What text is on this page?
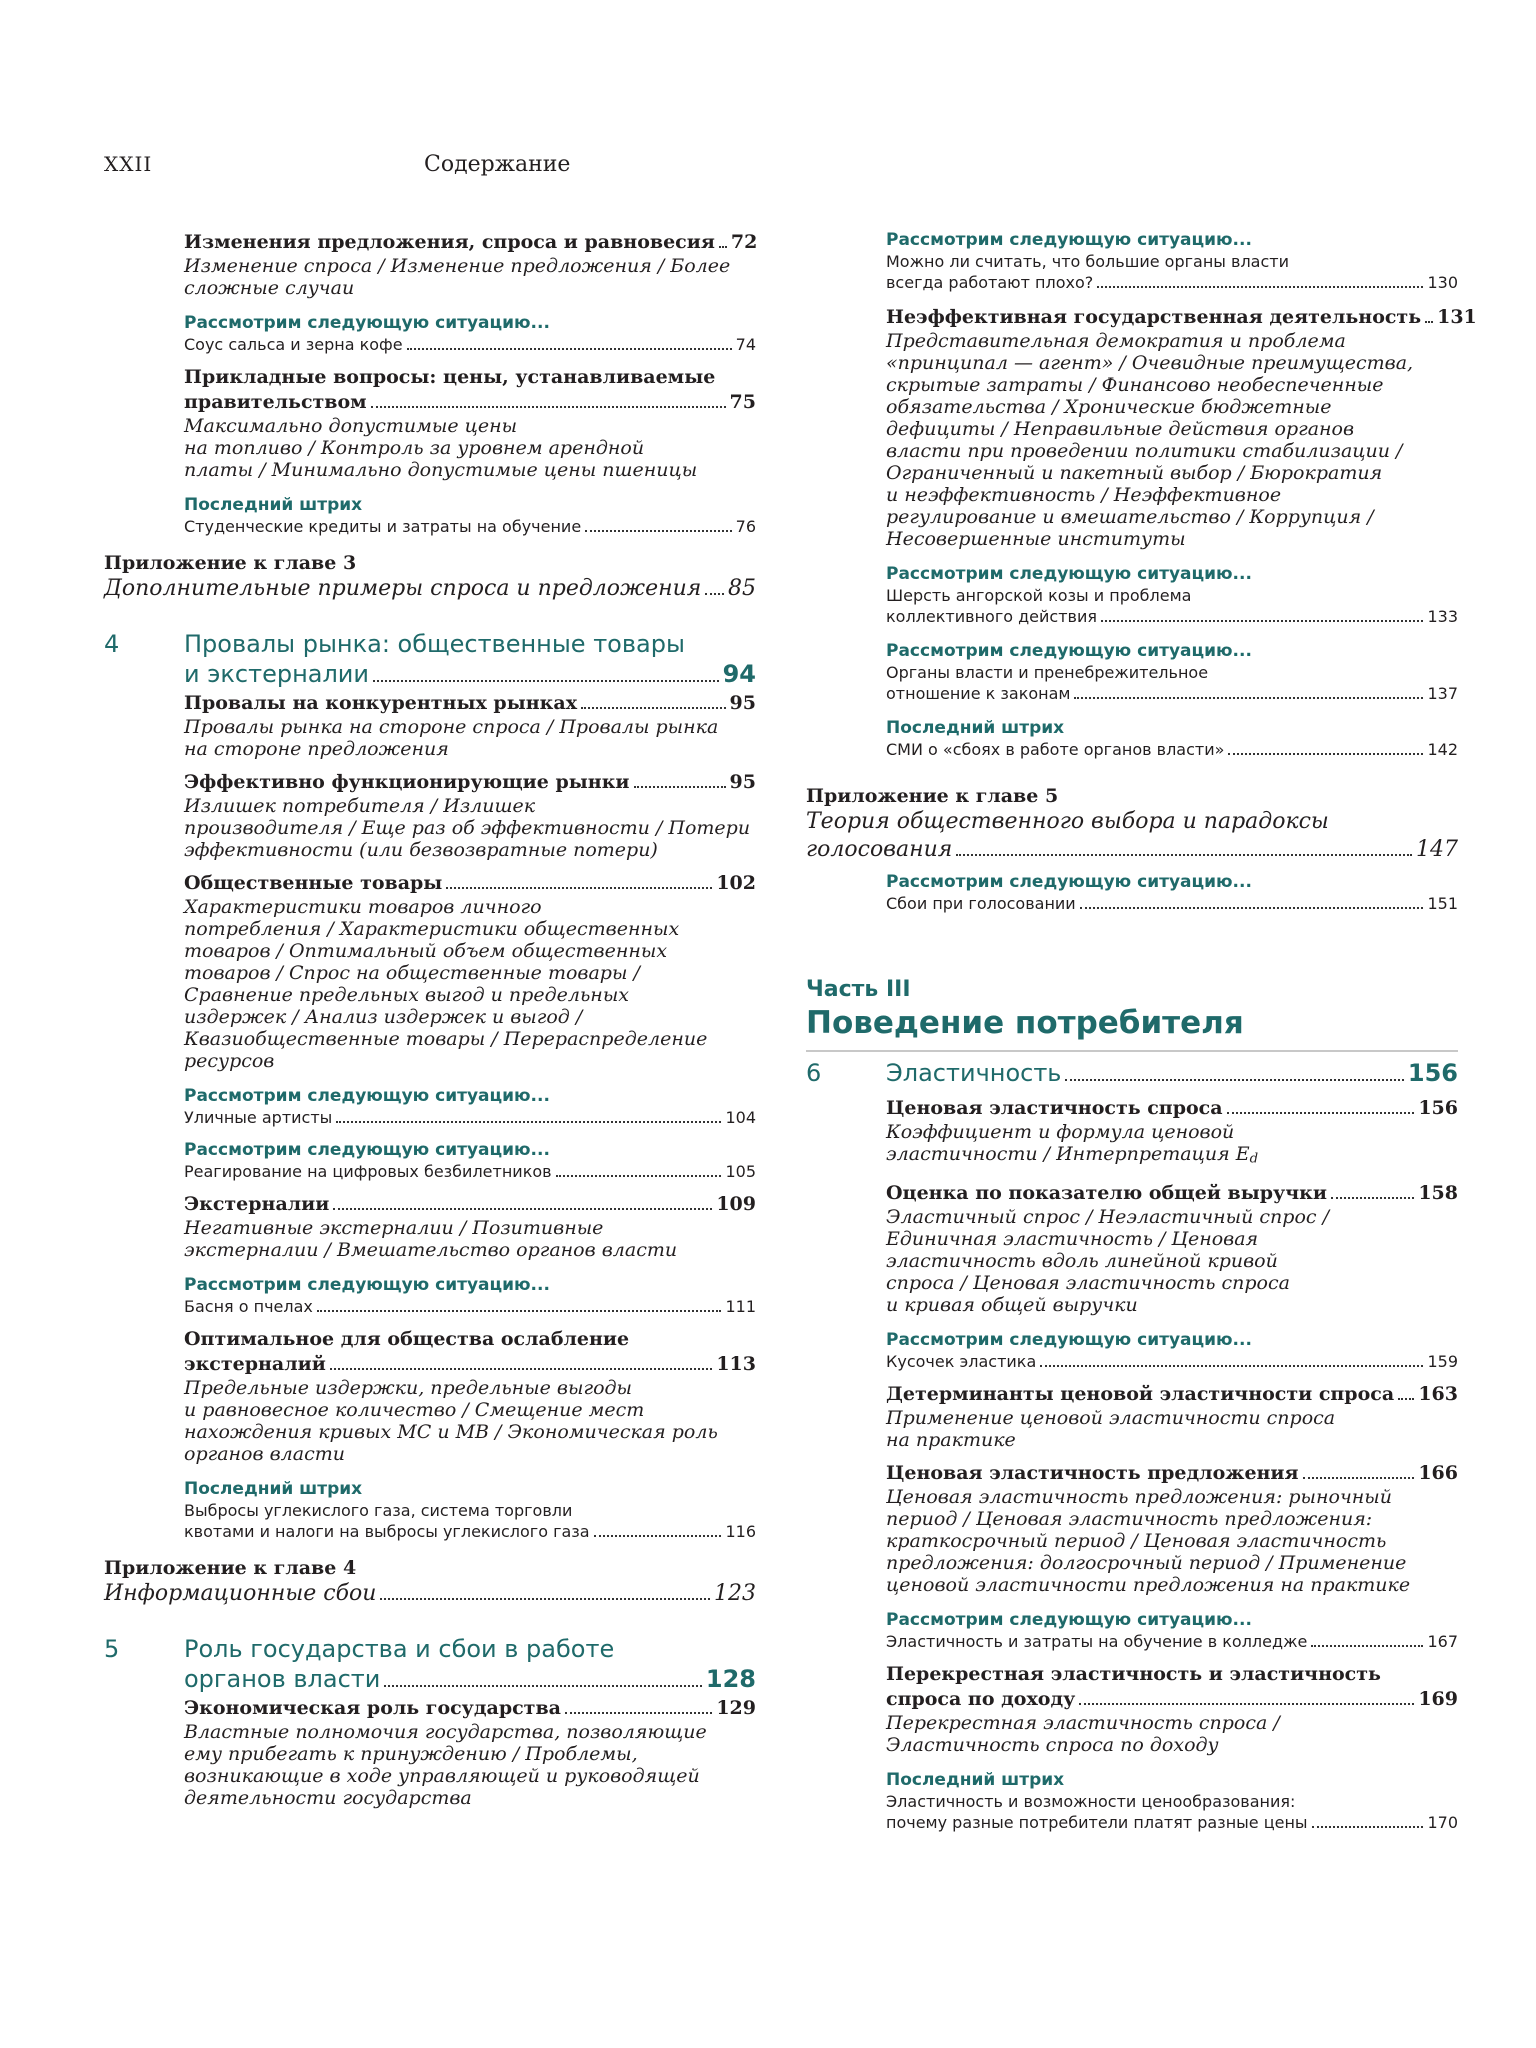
XXII	Содержание
Изменения предложения, спроса и равновесия 72
Изменение спроса / Изменение предложения / Более
сложные случаи
Рассмотрим следующую ситуацию...
Соус сальса и зерна кофе	74
Прикладные вопросы: цены, устанавливаемые
правительством	75
Максимально допустимые цены
на топливо / Контроль за уровнем арендной
платы / Минимально допустимые цены пшеницы
Последний штрих
Студенческие кредиты и затраты на обучение	76
Приложение к главе 3
Дополнительные примеры спроса и предложения 85
4	Провалы рынка: общественные товары
и экстерналии	94
Провалы на конкурентных рынках	95
Провалы рынка на стороне спроса / Провалы рынка
на стороне предложения
Эффективно функционирующие рынки	95
Излишек потребителя / Излишек
производителя / Еще раз об эффективности / Потери
эффективности (или безвозвратные потери)
Общественные товары	102
Характеристики товаров личного
потребления / Характеристики общественных
товаров / Оптимальный объем общественных
товаров / Спрос на общественные товары /
Сравнение предельных выгод и предельных
издержек / Анализ издержек и выгод /
Квазиобщественные товары / Перераспределение
ресурсов
Рассмотрим следующую ситуацию...
Уличные артисты	104
Рассмотрим следующую ситуацию...
Реагирование на цифровых безбилетников	105
Экстерналии	109
Негативные экстерналии / Позитивные
экстерналии / Вмешательство органов власти
Рассмотрим следующую ситуацию...
Басня о пчелах	111
Оптимальное для общества ослабление
экстерналий	113
Предельные издержки, предельные выгоды
и равновесное количество / Смещение мест
нахождения кривых MC и MB / Экономическая роль
органов власти
Последний штрих
Выбросы углекислого газа, система торговли
квотами и налоги на выбросы углекислого газа	116
Приложение к главе 4
Информационные сбои	123
5	Роль государства и сбои в работе
органов власти	128
Экономическая роль государства	129
Властные полномочия государства, позволяющие
ему прибегать к принуждению / Проблемы,
возникающие в ходе управляющей и руководящей
деятельности государства
Рассмотрим следующую ситуацию...
Можно ли считать, что большие органы власти
всегда работают плохо?	130
Неэффективная государственная деятельность 131
Представительная демократия и проблема
«принципал — агент» / Очевидные преимущества,
скрытые затраты / Финансово необеспеченные
обязательства / Хронические бюджетные
дефициты / Неправильные действия органов
власти при проведении политики стабилизации /
Ограниченный и пакетный выбор / Бюрократия
и неэффективность / Неэффективное
регулирование и вмешательство / Коррупция /
Несовершенные институты
Рассмотрим следующую ситуацию...
Шерсть ангорской козы и проблема
коллективного действия	133
Рассмотрим следующую ситуацию...
Органы власти и пренебрежительное
отношение к законам	137
Последний штрих
СМИ о «сбоях в работе органов власти»	142
Приложение к главе 5
Теория общественного выбора и парадоксы
голосования	147
Рассмотрим следующую ситуацию...
Сбои при голосовании	151
Часть III
Поведение потребителя
6	Эластичность	156
Ценовая эластичность спроса	156
Коэффициент и формула ценовой
эластичности / Интерпретация $E_d$
Оценка по показателю общей выручки	158
Эластичный спрос / Неэластичный спрос /
Единичная эластичность / Ценовая
эластичность вдоль линейной кривой
спроса / Ценовая эластичность спроса
и кривая общей выручки
Рассмотрим следующую ситуацию...
Кусочек эластика	159
Детерминанты ценовой эластичности спроса 163
Применение ценовой эластичности спроса
на практике
Ценовая эластичность предложения	166
Ценовая эластичность предложения: рыночный
период / Ценовая эластичность предложения:
краткосрочный период / Ценовая эластичность
предложения: долгосрочный период / Применение
ценовой эластичности предложения на практике
Рассмотрим следующую ситуацию...
Эластичность и затраты на обучение в колледже	167
Перекрестная эластичность и эластичность
спроса по доходу	169
Перекрестная эластичность спроса /
Эластичность спроса по доходу
Последний штрих
Эластичность и возможности ценообразования:
почему разные потребители платят разные цены	170
